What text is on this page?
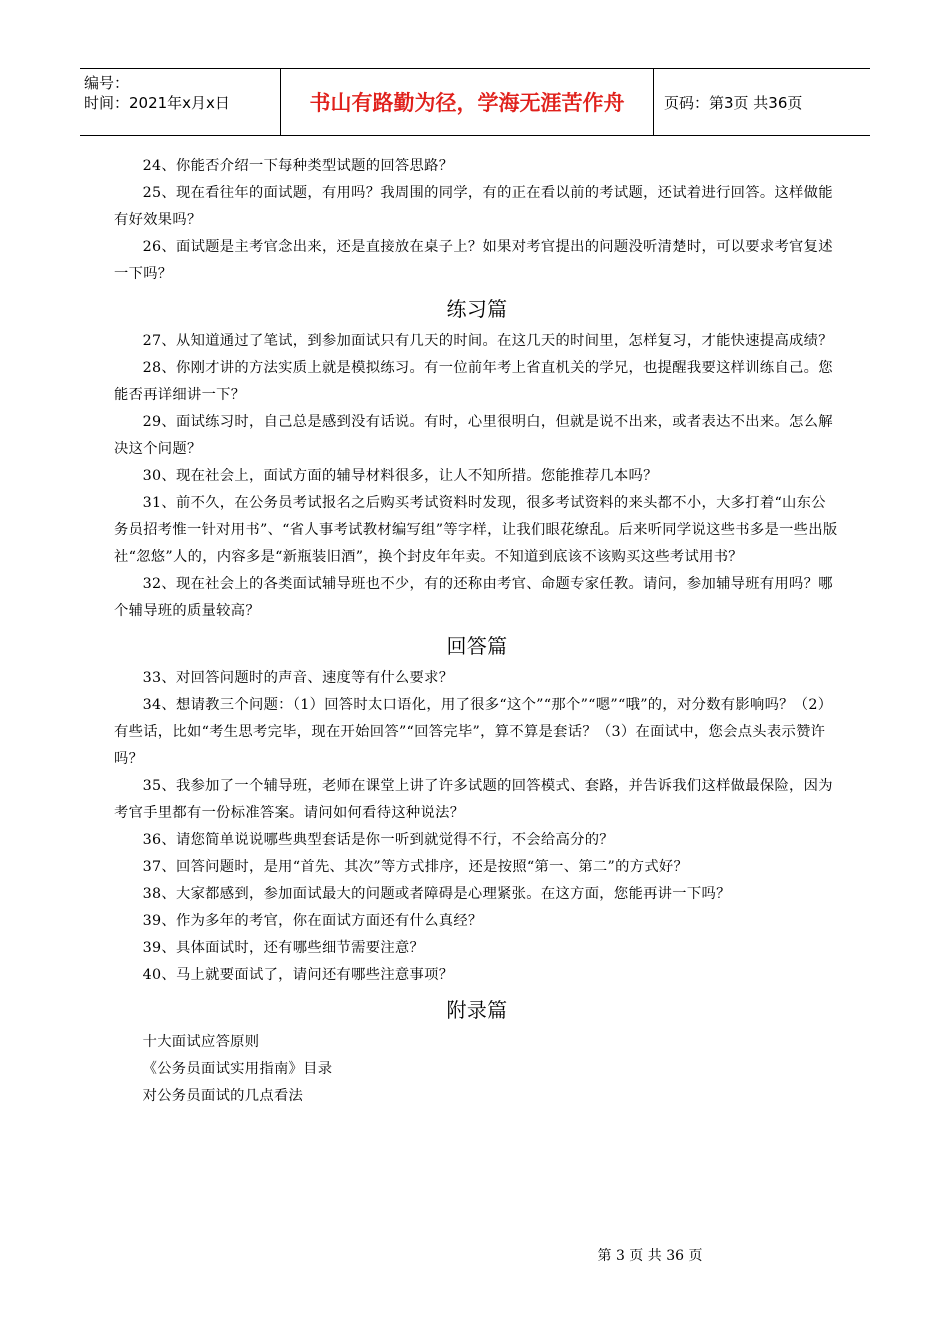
编号：
时间：2021年x月x日	书山有路勤为径，学海无涯苦作舟	页码：第3页 共36页

24、你能否介绍一下每种类型试题的回答思路？

25、现在看往年的面试题，有用吗？我周围的同学，有的正在看以前的考试题，还试着进行回答。这样做能有好效果吗？

26、面试题是主考官念出来，还是直接放在桌子上？如果对考官提出的问题没听清楚时，可以要求考官复述一下吗？

练习篇

27、从知道通过了笔试，到参加面试只有几天的时间。在这几天的时间里，怎样复习，才能快速提高成绩？

28、你刚才讲的方法实质上就是模拟练习。有一位前年考上省直机关的学兄，也提醒我要这样训练自己。您能否再详细讲一下？

29、面试练习时，自己总是感到没有话说。有时，心里很明白，但就是说不出来，或者表达不出来。怎么解决这个问题？

30、现在社会上，面试方面的辅导材料很多，让人不知所措。您能推荐几本吗？

31、前不久，在公务员考试报名之后购买考试资料时发现，很多考试资料的来头都不小，大多打着“山东公务员招考惟一针对用书”、“省人事考试教材编写组”等字样，让我们眼花缭乱。后来听同学说这些书多是一些出版社“忽悠”人的，内容多是“新瓶装旧酒”，换个封皮年年卖。不知道到底该不该购买这些考试用书？

32、现在社会上的各类面试辅导班也不少，有的还称由考官、命题专家任教。请问，参加辅导班有用吗？哪个辅导班的质量较高？

回答篇

33、对回答问题时的声音、速度等有什么要求？

34、想请教三个问题：（1）回答时太口语化，用了很多“这个”“那个”“嗯”“哦”的，对分数有影响吗？（2）有些话，比如“考生思考完毕，现在开始回答”“回答完毕”，算不算是套话？（3）在面试中，您会点头表示赞许吗？

35、我参加了一个辅导班，老师在课堂上讲了许多试题的回答模式、套路，并告诉我们这样做最保险，因为考官手里都有一份标准答案。请问如何看待这种说法？

36、请您简单说说哪些典型套话是你一听到就觉得不行，不会给高分的？

37、回答问题时，是用“首先、其次”等方式排序，还是按照“第一、第二”的方式好？

38、大家都感到，参加面试最大的问题或者障碍是心理紧张。在这方面，您能再讲一下吗？

39、作为多年的考官，你在面试方面还有什么真经？

39、具体面试时，还有哪些细节需要注意？

40、马上就要面试了，请问还有哪些注意事项？

附录篇

十大面试应答原则

《公务员面试实用指南》目录

对公务员面试的几点看法

第 3 页 共 36 页
